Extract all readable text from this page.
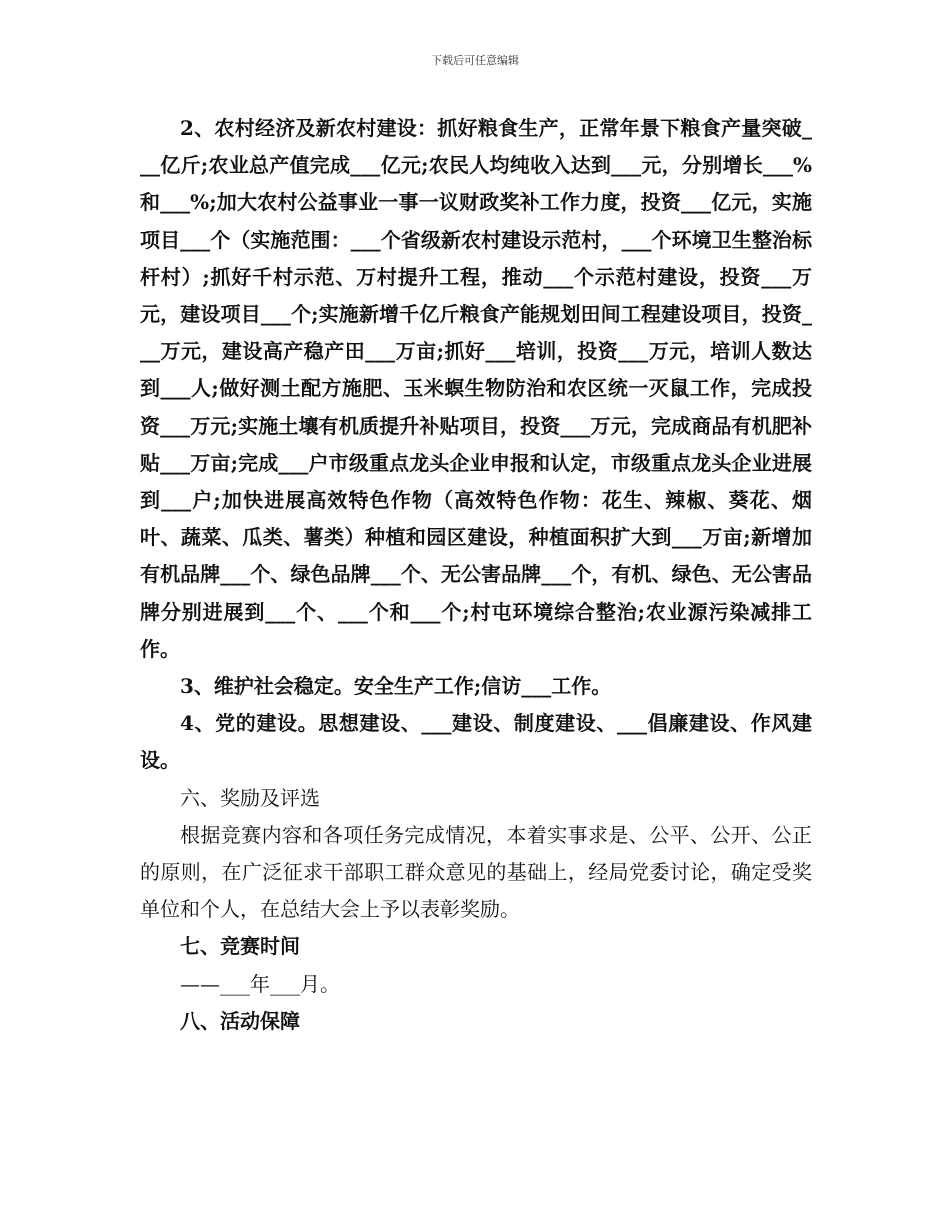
下载后可任意编辑

2、农村经济及新农村建设：抓好粮食生产，正常年景下粮食产量突破___亿斤;农业总产值完成___亿元;农民人均纯收入达到___元，分别增长___%和___%;加大农村公益事业一事一议财政奖补工作力度，投资___亿元，实施项目___个（实施范围：___个省级新农村建设示范村，___个环境卫生整治标杆村）;抓好千村示范、万村提升工程，推动___个示范村建设，投资___万元，建设项目___个;实施新增千亿斤粮食产能规划田间工程建设项目，投资___万元，建设高产稳产田___万亩;抓好___培训，投资___万元，培训人数达到___人;做好测土配方施肥、玉米螟生物防治和农区统一灭鼠工作，完成投资___万元;实施土壤有机质提升补贴项目，投资___万元，完成商品有机肥补贴___万亩;完成___户市级重点龙头企业申报和认定，市级重点龙头企业进展到___户;加快进展高效特色作物（高效特色作物：花生、辣椒、葵花、烟叶、蔬菜、瓜类、薯类）种植和园区建设，种植面积扩大到___万亩;新增加有机品牌___个、绿色品牌___个、无公害品牌___个，有机、绿色、无公害品牌分别进展到___个、___个和___个;村屯环境综合整治;农业源污染减排工作。

3、维护社会稳定。安全生产工作;信访___工作。

4、党的建设。思想建设、___建设、制度建设、___倡廉建设、作风建设。

六、奖励及评选

根据竞赛内容和各项任务完成情况，本着实事求是、公平、公开、公正的原则，在广泛征求干部职工群众意见的基础上，经局党委讨论，确定受奖单位和个人，在总结大会上予以表彰奖励。

七、竞赛时间

——___年___月。

八、活动保障
